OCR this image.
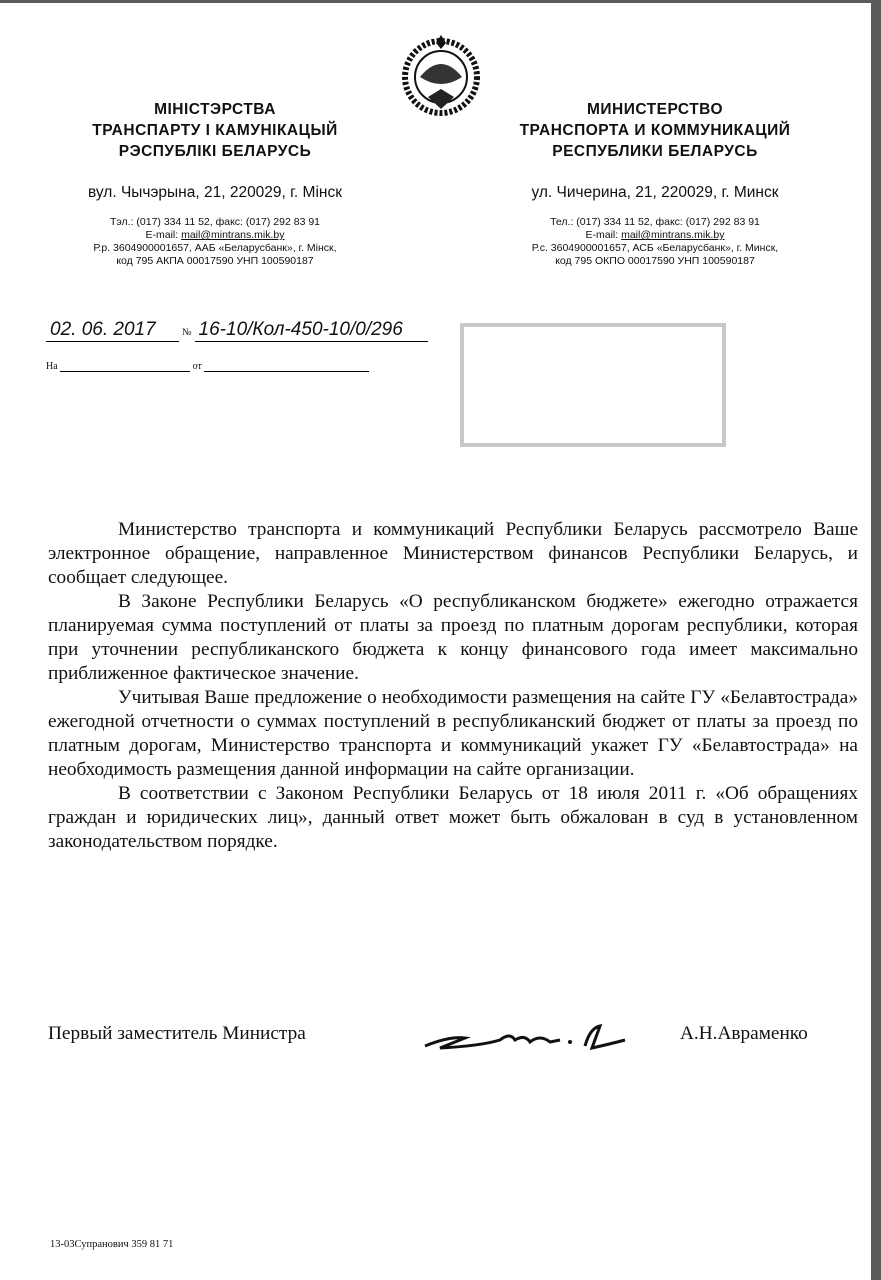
МІНІСТЭРСТВА
ТРАНСПАРТУ І КАМУНІКАЦЫЙ
РЭСПУБЛІКІ БЕЛАРУСЬ
вул. Чычэрына, 21, 220029, г. Мінск
Тэл.: (017) 334 11 52, факс: (017) 292 83 91
E-mail: mail@mintrans.mik.by
Р.р. 3604900001657, ААБ «Беларусбанк», г. Мінск,
код 795 АКПА 00017590 УНП 100590187
МИНИСТЕРСТВО
ТРАНСПОРТА И КОММУНИКАЦИЙ
РЕСПУБЛИКИ БЕЛАРУСЬ
ул. Чичерина, 21, 220029, г. Минск
Тел.: (017) 334 11 52, факс: (017) 292 83 91
E-mail: mail@mintrans.mik.by
Р.с. 3604900001657, АСБ «Беларусбанк», г. Минск,
код 795 ОКПО 00017590 УНП 100590187
02. 06. 2017	№ 16-10/Кол-450-10/0/296
На	от

Министерство транспорта и коммуникаций Республики Беларусь рассмотрело Ваше электронное обращение, направленное Министерством финансов Республики Беларусь, и сообщает следующее.

В Законе Республики Беларусь «О республиканском бюджете» ежегодно отражается планируемая сумма поступлений от платы за проезд по платным дорогам республики, которая при уточнении республиканского бюджета к концу финансового года имеет максимально приближенное фактическое значение.

Учитывая Ваше предложение о необходимости размещения на сайте ГУ «Белавтострада» ежегодной отчетности о суммах поступлений в республиканский бюджет от платы за проезд по платным дорогам, Министерство транспорта и коммуникаций укажет ГУ «Белавтострада» на необходимость размещения данной информации на сайте организации.

В соответствии с Законом Республики Беларусь от 18 июля 2011 г. «Об обращениях граждан и юридических лиц», данный ответ может быть обжалован в суд в установленном законодательством порядке.

Первый заместитель Министра	А.Н.Авраменко
13-03Супранович 359 81 71
